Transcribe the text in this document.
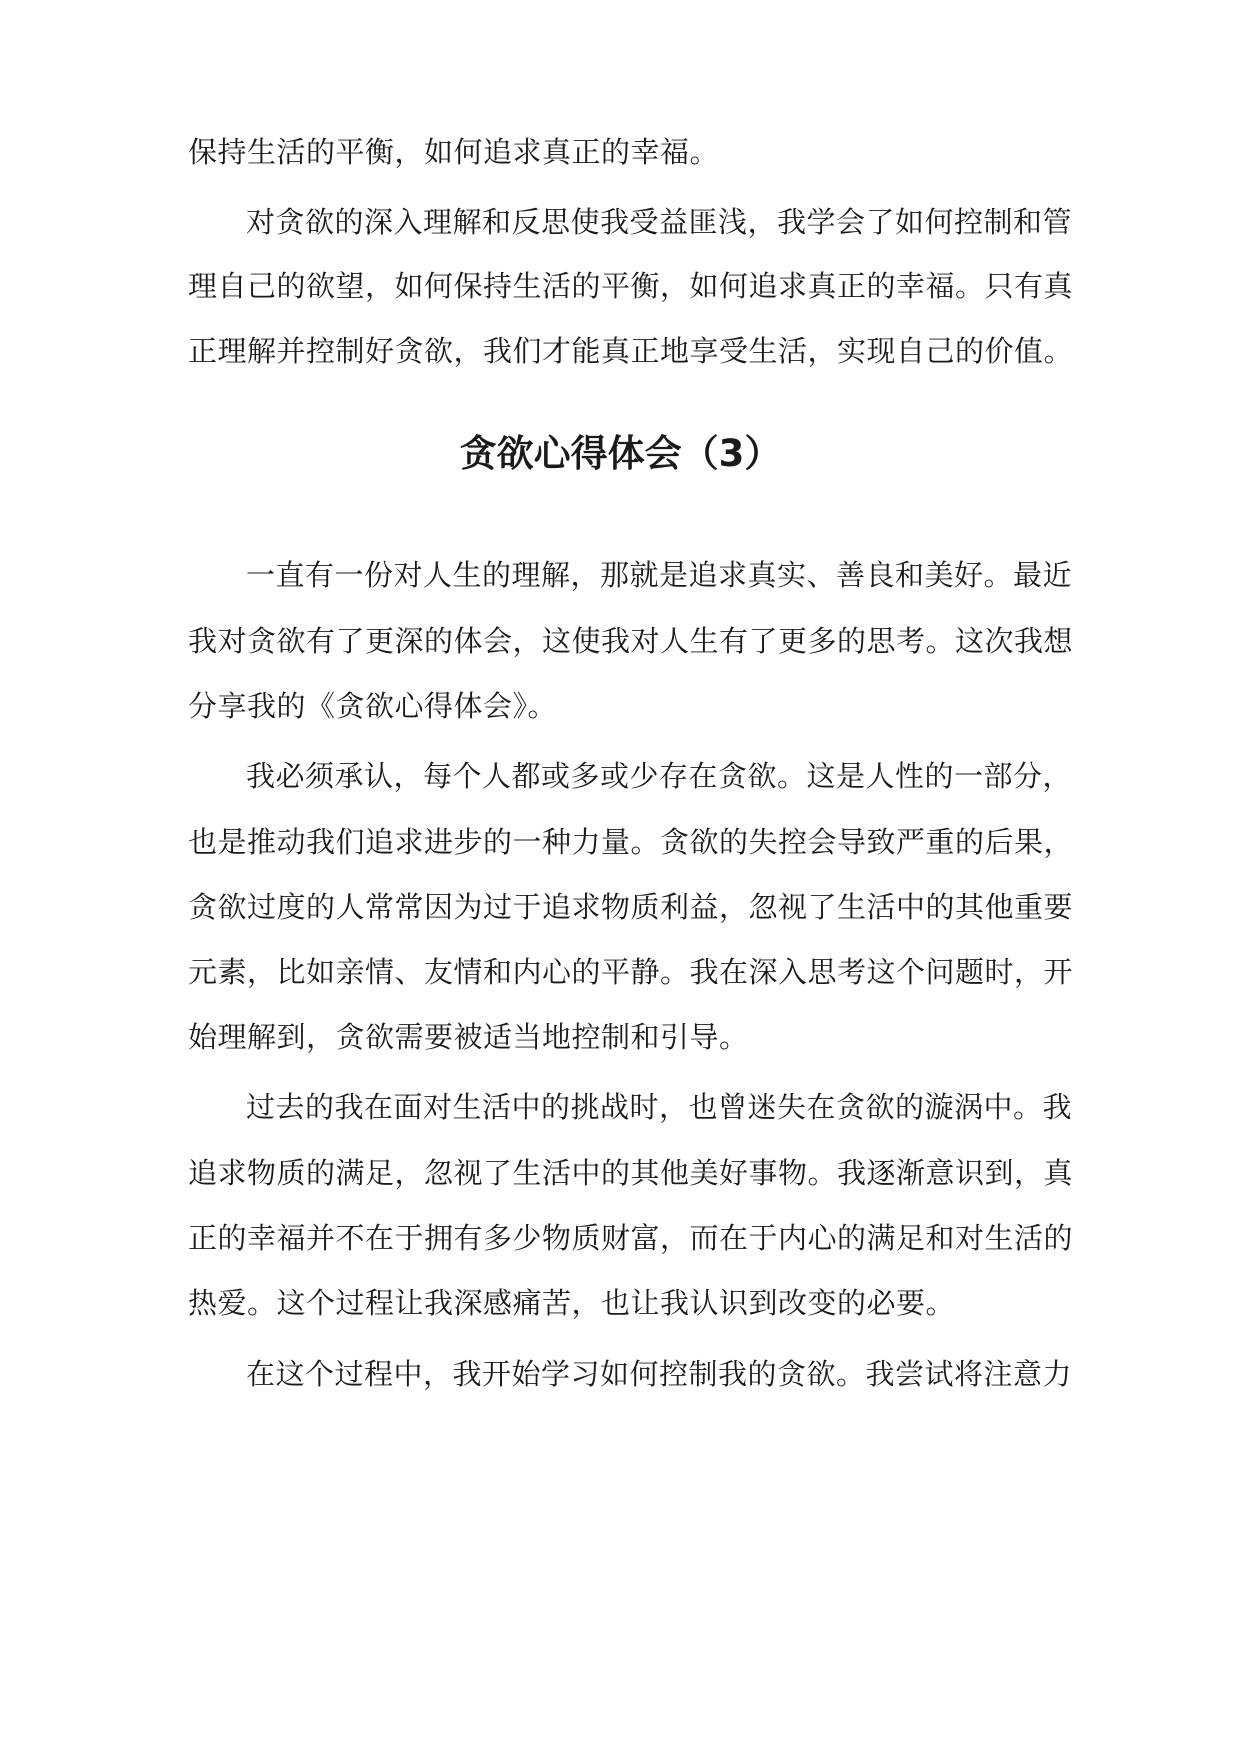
保持生活的平衡，如何追求真正的幸福。
对贪欲的深入理解和反思使我受益匪浅，我学会了如何控制和管
理自己的欲望，如何保持生活的平衡，如何追求真正的幸福。只有真
正理解并控制好贪欲，我们才能真正地享受生活，实现自己的价值。
贪欲心得体会（3）
一直有一份对人生的理解，那就是追求真实、善良和美好。最近
我对贪欲有了更深的体会，这使我对人生有了更多的思考。这次我想
分享我的《贪欲心得体会》。
我必须承认，每个人都或多或少存在贪欲。这是人性的一部分，
也是推动我们追求进步的一种力量。贪欲的失控会导致严重的后果，
贪欲过度的人常常因为过于追求物质利益，忽视了生活中的其他重要
元素，比如亲情、友情和内心的平静。我在深入思考这个问题时，开
始理解到，贪欲需要被适当地控制和引导。
过去的我在面对生活中的挑战时，也曾迷失在贪欲的漩涡中。我
追求物质的满足，忽视了生活中的其他美好事物。我逐渐意识到，真
正的幸福并不在于拥有多少物质财富，而在于内心的满足和对生活的
热爱。这个过程让我深感痛苦，也让我认识到改变的必要。
在这个过程中，我开始学习如何控制我的贪欲。我尝试将注意力
